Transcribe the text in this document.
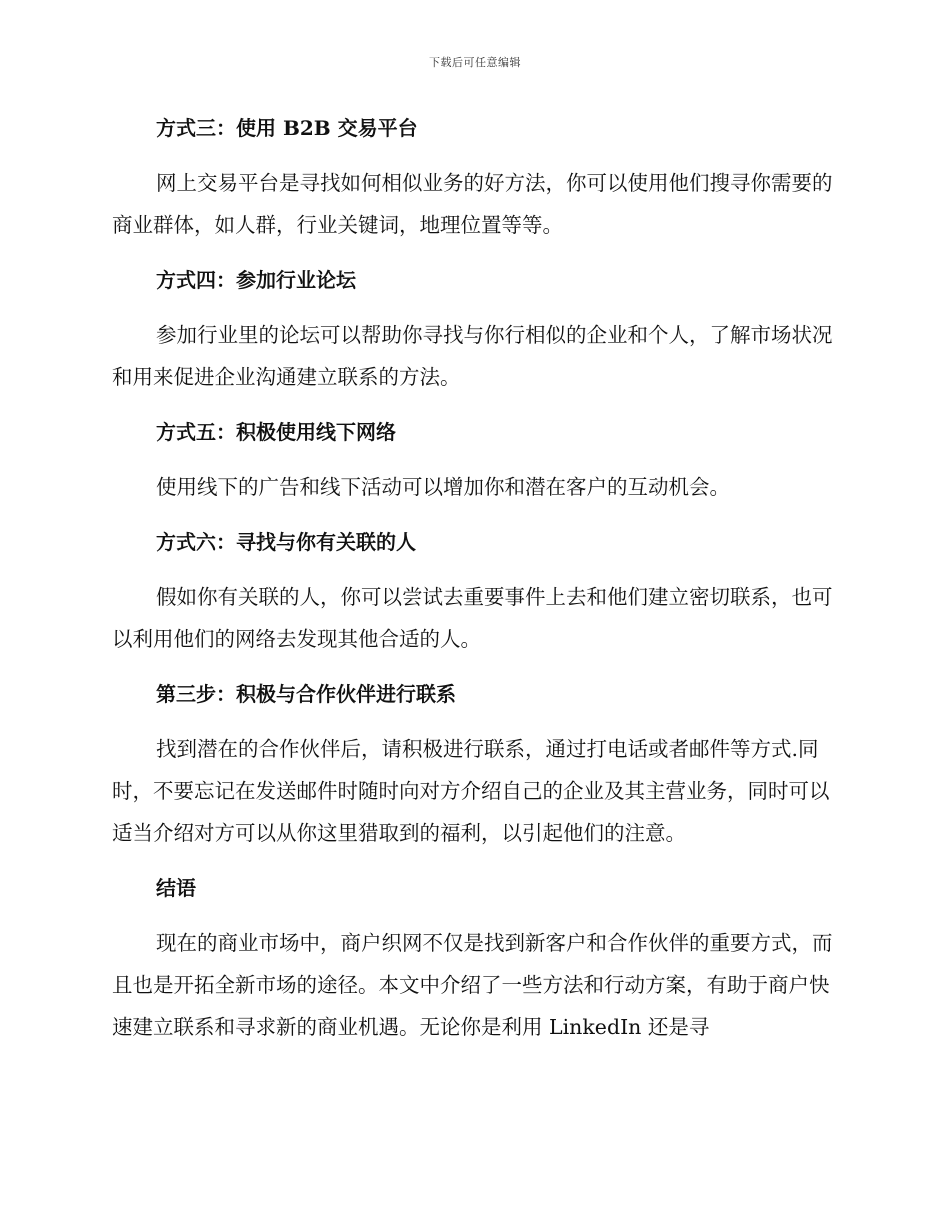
下载后可任意编辑
方式三：使用 B2B 交易平台

网上交易平台是寻找如何相似业务的好方法，你可以使用他们搜寻你需要的商业群体，如人群，行业关键词，地理位置等等。

方式四：参加行业论坛

参加行业里的论坛可以帮助你寻找与你行相似的企业和个人，了解市场状况和用来促进企业沟通建立联系的方法。

方式五：积极使用线下网络

使用线下的广告和线下活动可以增加你和潜在客户的互动机会。

方式六：寻找与你有关联的人

假如你有关联的人，你可以尝试去重要事件上去和他们建立密切联系，也可以利用他们的网络去发现其他合适的人。

第三步：积极与合作伙伴进行联系

找到潜在的合作伙伴后，请积极进行联系，通过打电话或者邮件等方式.同时，不要忘记在发送邮件时随时向对方介绍自己的企业及其主营业务，同时可以适当介绍对方可以从你这里猎取到的福利，以引起他们的注意。

结语

现在的商业市场中，商户织网不仅是找到新客户和合作伙伴的重要方式，而且也是开拓全新市场的途径。本文中介绍了一些方法和行动方案，有助于商户快速建立联系和寻求新的商业机遇。无论你是利用 LinkedIn 还是寻
